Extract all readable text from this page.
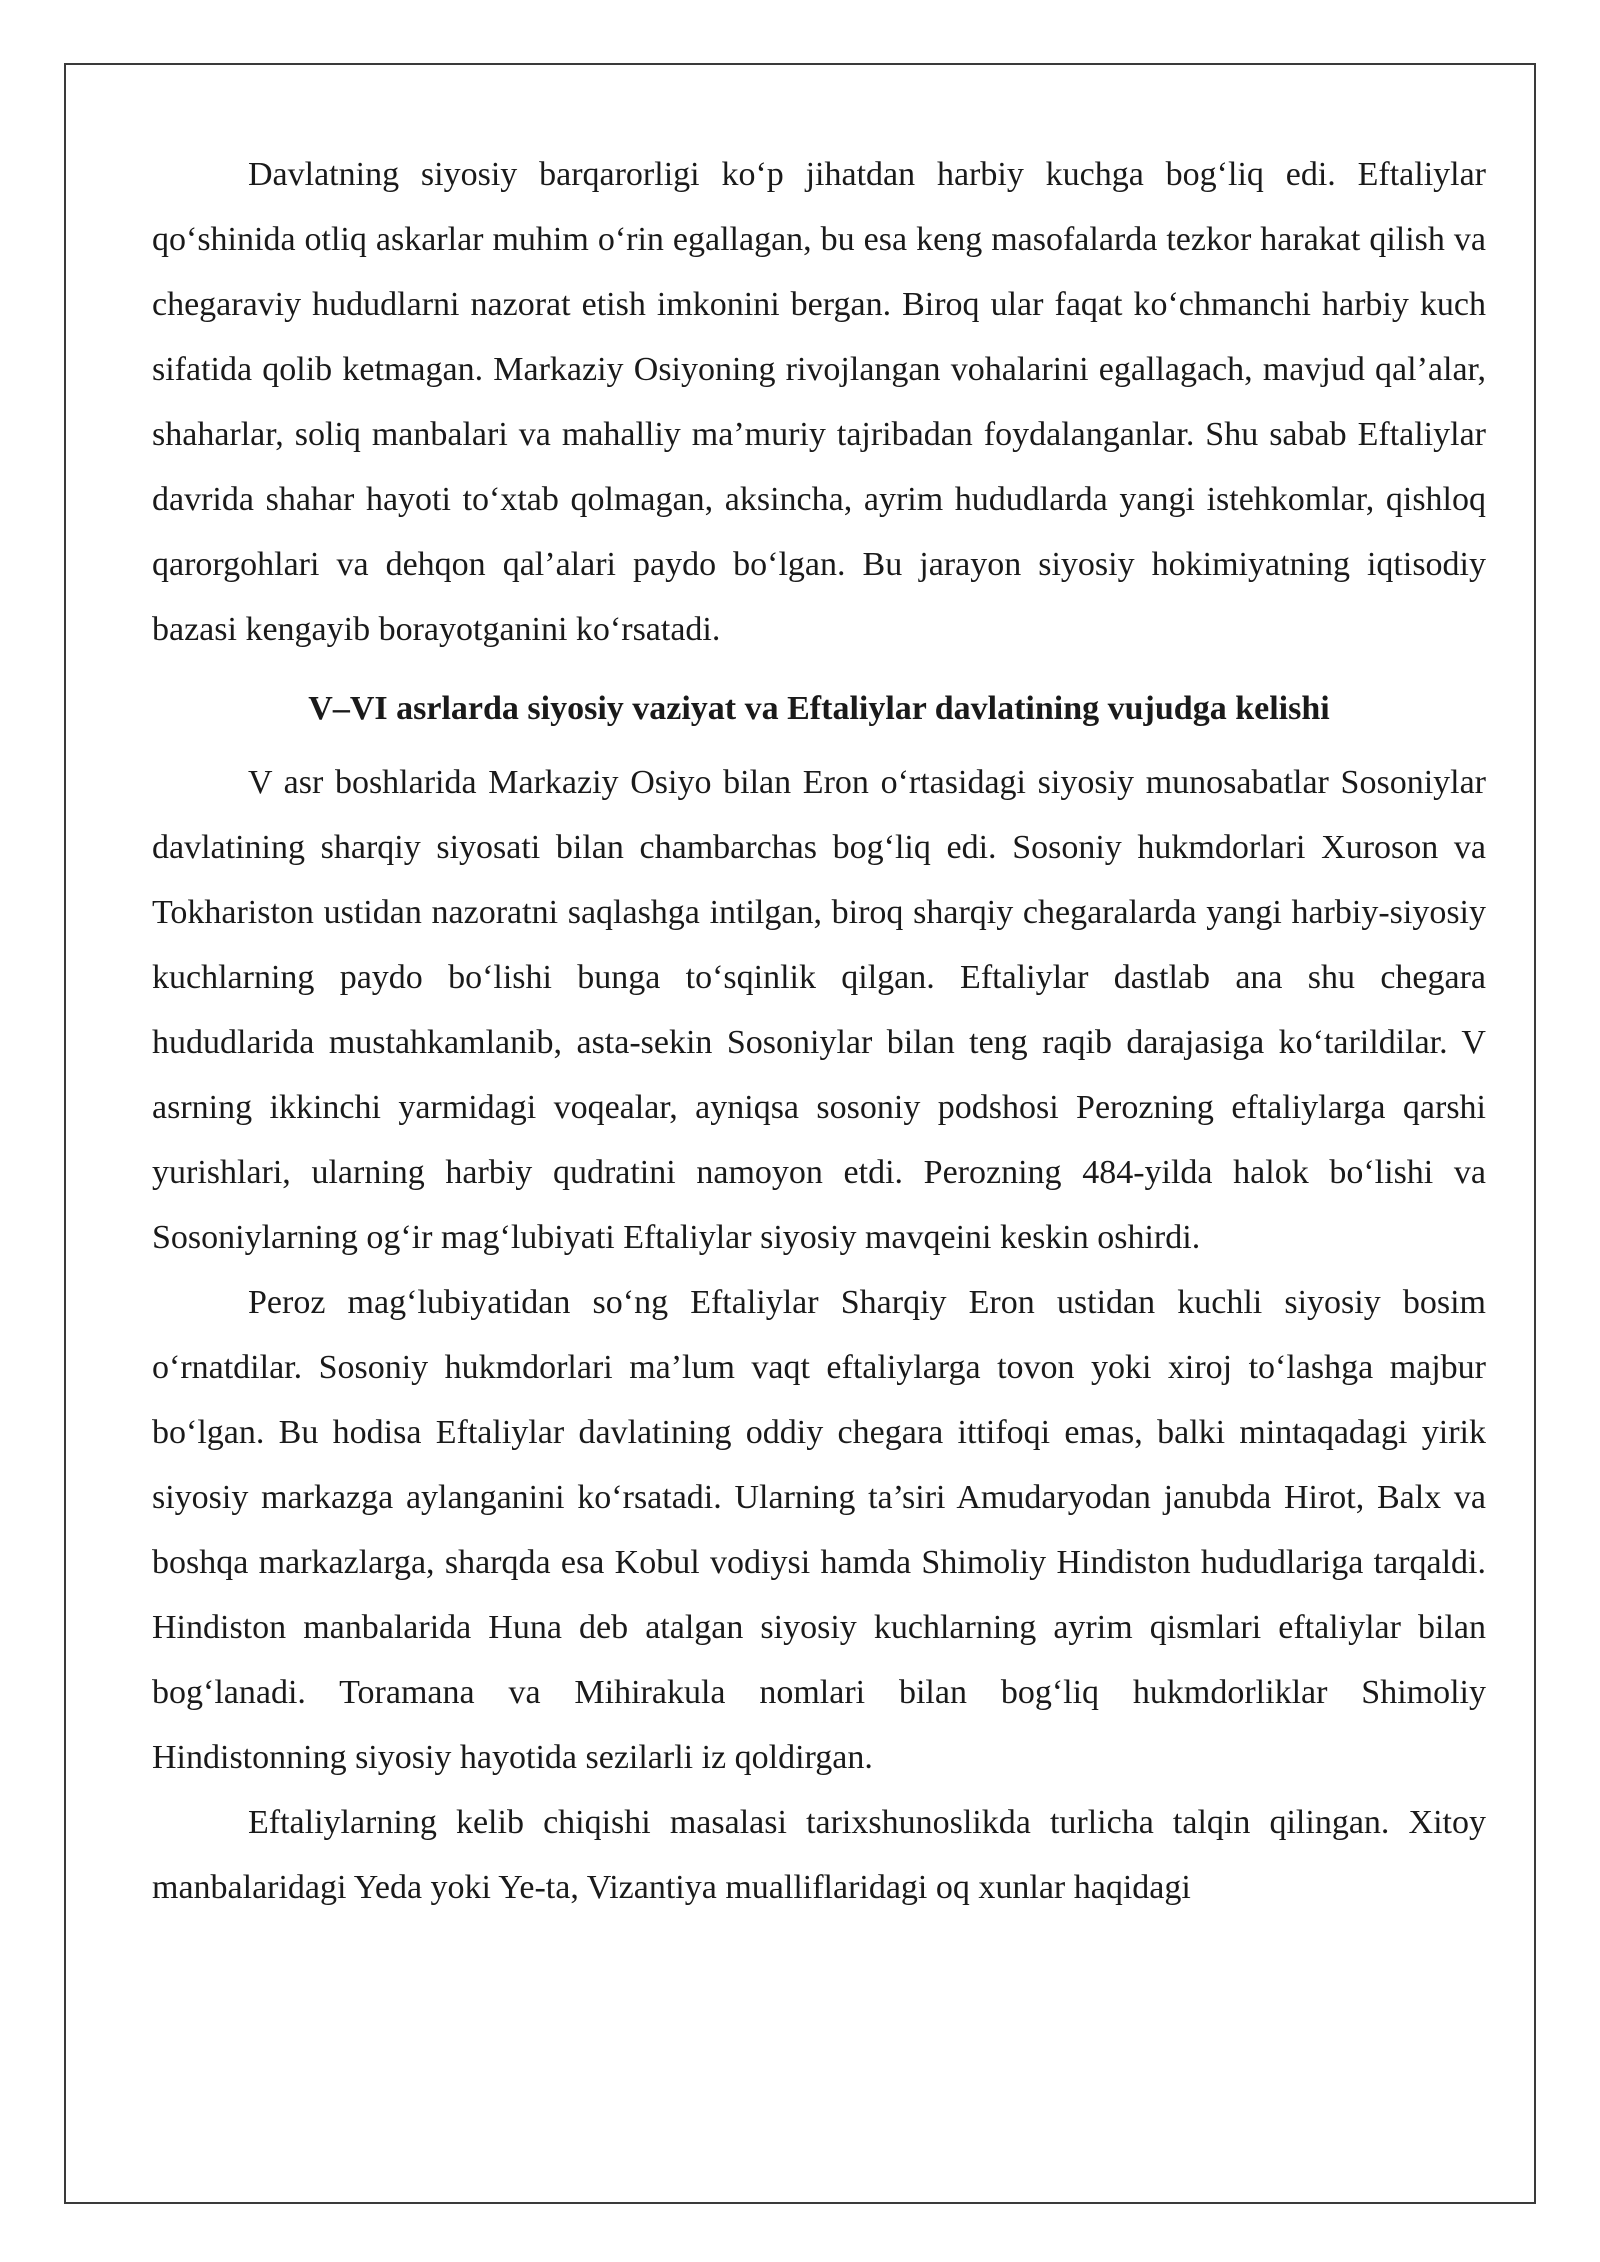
Davlatning siyosiy barqarorligi ko‘p jihatdan harbiy kuchga bog‘liq edi. Eftaliylar qo‘shinida otliq askarlar muhim o‘rin egallagan, bu esa keng masofalarda tezkor harakat qilish va chegaraviy hududlarni nazorat etish imkonini bergan. Biroq ular faqat ko‘chmanchi harbiy kuch sifatida qolib ketmagan. Markaziy Osiyoning rivojlangan vohalarini egallagach, mavjud qal’alar, shaharlar, soliq manbalari va mahalliy ma’muriy tajribadan foydalanganlar. Shu sabab Eftaliylar davrida shahar hayoti to‘xtab qolmagan, aksincha, ayrim hududlarda yangi istehkomlar, qishloq qarorgohlari va dehqon qal’alari paydo bo‘lgan. Bu jarayon siyosiy hokimiyatning iqtisodiy bazasi kengayib borayotganini ko‘rsatadi.

V–VI asrlarda siyosiy vaziyat va Eftaliylar davlatining vujudga kelishi

V asr boshlarida Markaziy Osiyo bilan Eron o‘rtasidagi siyosiy munosabatlar Sosoniylar davlatining sharqiy siyosati bilan chambarchas bog‘liq edi. Sosoniy hukmdorlari Xuroson va Tokharistоn ustidan nazoratni saqlashga intilgan, biroq sharqiy chegaralarda yangi harbiy-siyosiy kuchlarning paydo bo‘lishi bunga to‘sqinlik qilgan. Eftaliylar dastlab ana shu chegara hududlarida mustahkamlanib, asta-sekin Sosoniylar bilan teng raqib darajasiga ko‘tarildilar. V asrning ikkinchi yarmidagi voqealar, ayniqsa sosoniy podshosi Perozning eftaliylarga qarshi yurishlari, ularning harbiy qudratini namoyon etdi. Perozning 484-yilda halok bo‘lishi va Sosoniylarning og‘ir mag‘lubiyati Eftaliylar siyosiy mavqeini keskin oshirdi.

Peroz mag‘lubiyatidan so‘ng Eftaliylar Sharqiy Eron ustidan kuchli siyosiy bosim o‘rnatdilar. Sosoniy hukmdorlari ma’lum vaqt eftaliylarga tovon yoki xiroj to‘lashga majbur bo‘lgan. Bu hodisa Eftaliylar davlatining oddiy chegara ittifoqi emas, balki mintaqadagi yirik siyosiy markazga aylanganini ko‘rsatadi. Ularning ta’siri Amudaryodan janubda Hirot, Balx va boshqa markazlarga, sharqda esa Kobul vodiysi hamda Shimoliy Hindiston hududlariga tarqaldi. Hindiston manbalarida Huna deb atalgan siyosiy kuchlarning ayrim qismlari eftaliylar bilan bog‘lanadi. Toramana va Mihirakula nomlari bilan bog‘liq hukmdorliklar Shimoliy Hindistonning siyosiy hayotida sezilarli iz qoldirgan.

Eftaliylarning kelib chiqishi masalasi tarixshunoslikda turlicha talqin qilingan. Xitoy manbalaridagi Yeda yoki Ye-ta, Vizantiya mualliflaridagi oq xunlar haqidagi
